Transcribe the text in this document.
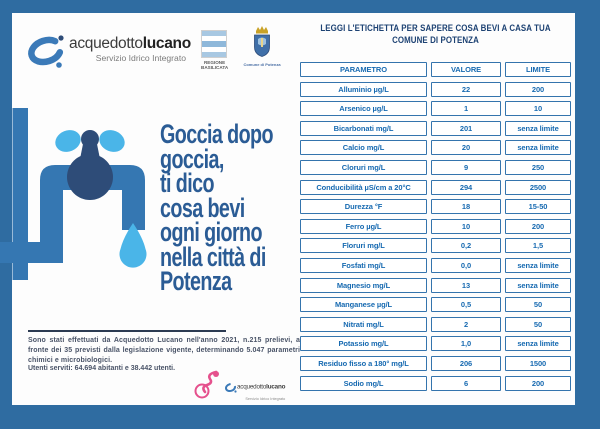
acquedottolucano
Servizio Idrico Integrato	REGIONE
BASILICATA
Comune di Potenza
Goccia dopo
goccia,
ti dico
cosa bevi
ogni giorno
nella città di
Potenza
Sono stati effettuati da Acquedotto Lucano nell'anno 2021, n.215 prelievi, a fronte dei 35 previsti dalla legislazione vigente, determinando 5.047 parametri chimici e microbiologici.
Utenti serviti: 64.694 abitanti e 38.442 utenti.
acquedottolucano
Servizio Idrico Integrato
LEGGI L'ETICHETTA PER SAPERE COSA BEVI A CASA TUA
COMUNE DI POTENZA
PARAMETRO	VALORE	LIMITE
Alluminio µg/L	22	200
Arsenico µg/L	1	10
Bicarbonati mg/L	201	senza limite
Calcio mg/L	20	senza limite
Cloruri mg/L	9	250
Conducibilità µS/cm a 20°C	294	2500
Durezza °F	18	15-50
Ferro µg/L	10	200
Floruri mg/L	0,2	1,5
Fosfati mg/L	0,0	senza limite
Magnesio mg/L	13	senza limite
Manganese µg/L	0,5	50
Nitrati mg/L	2	50
Potassio mg/L	1,0	senza limite
Residuo fisso a 180° mg/L	206	1500
Sodio mg/L	6	200
